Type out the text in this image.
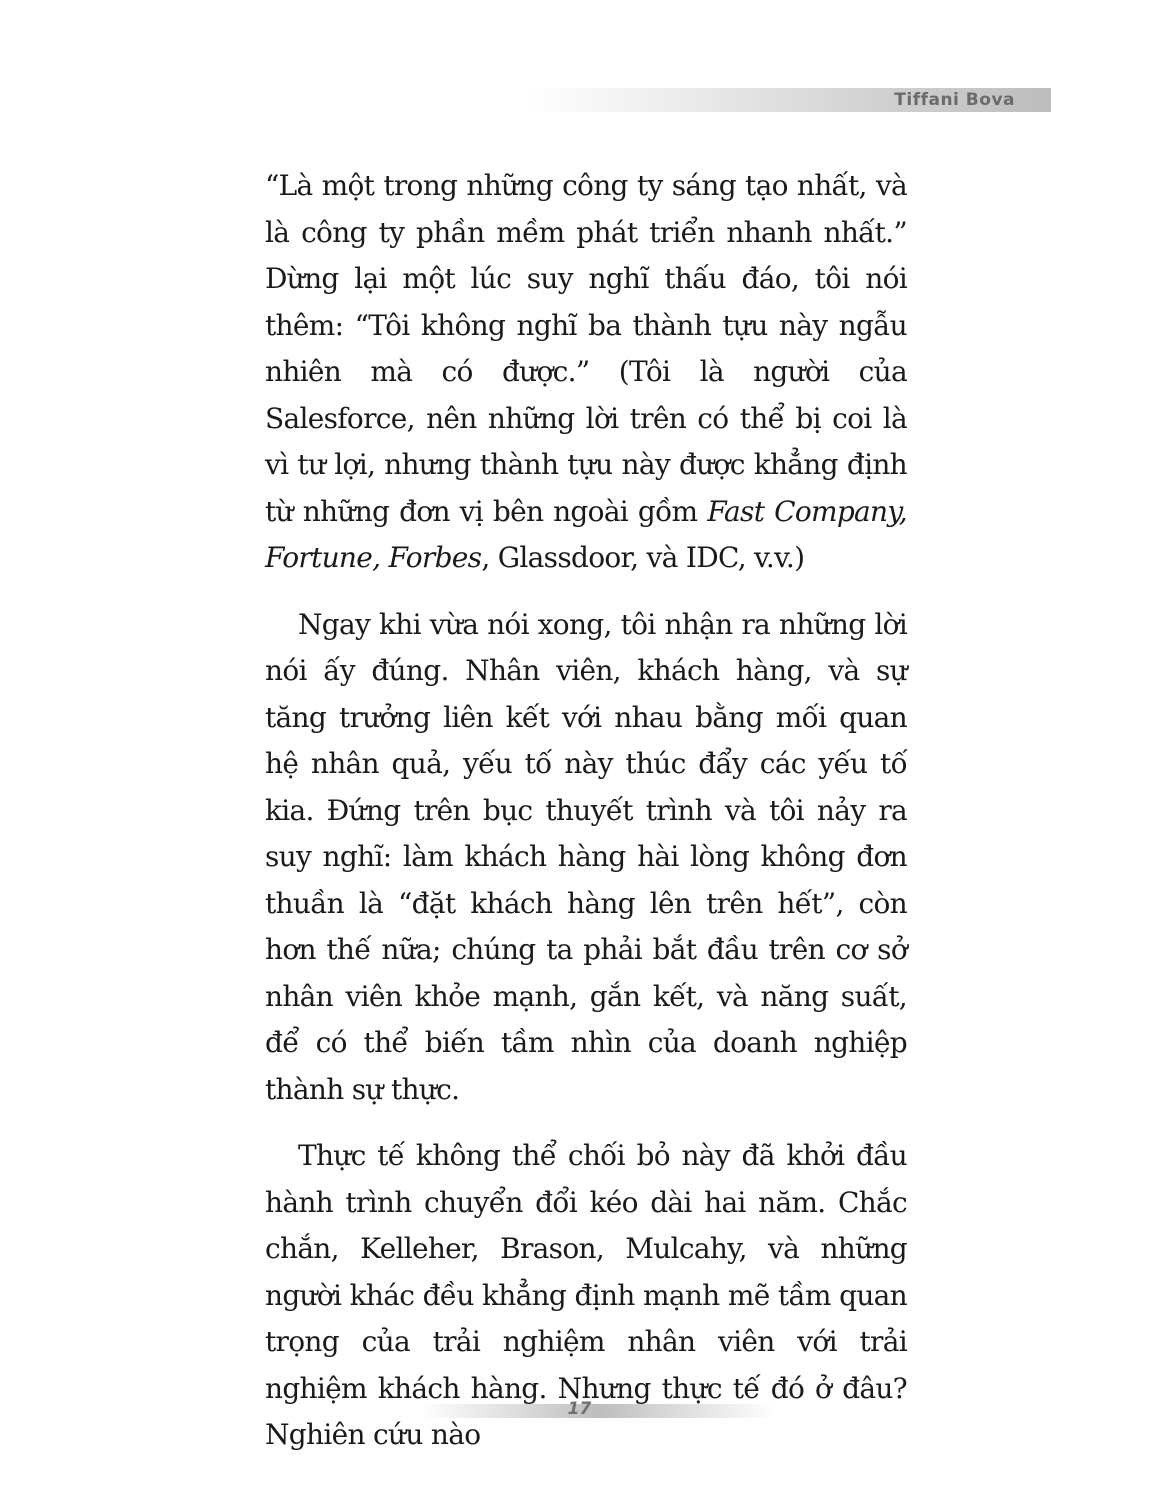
Tiffani Bova

“Là một trong những công ty sáng tạo nhất, và là công ty phần mềm phát triển nhanh nhất.” Dừng lại một lúc suy nghĩ thấu đáo, tôi nói thêm: “Tôi không nghĩ ba thành tựu này ngẫu nhiên mà có được.” (Tôi là người của Salesforce, nên những lời trên có thể bị coi là vì tư lợi, nhưng thành tựu này được khẳng định từ những đơn vị bên ngoài gồm Fast Company, Fortune, Forbes, Glassdoor, và IDC, v.v.)

Ngay khi vừa nói xong, tôi nhận ra những lời nói ấy đúng. Nhân viên, khách hàng, và sự tăng trưởng liên kết với nhau bằng mối quan hệ nhân quả, yếu tố này thúc đẩy các yếu tố kia. Đứng trên bục thuyết trình và tôi nảy ra suy nghĩ: làm khách hàng hài lòng không đơn thuần là “đặt khách hàng lên trên hết”, còn hơn thế nữa; chúng ta phải bắt đầu trên cơ sở nhân viên khỏe mạnh, gắn kết, và năng suất, để có thể biến tầm nhìn của doanh nghiệp thành sự thực.

Thực tế không thể chối bỏ này đã khởi đầu hành trình chuyển đổi kéo dài hai năm. Chắc chắn, Kelleher, Brason, Mulcahy, và những người khác đều khẳng định mạnh mẽ tầm quan trọng của trải nghiệm nhân viên với trải nghiệm khách hàng. Nhưng thực tế đó ở đâu? Nghiên cứu nào

17
